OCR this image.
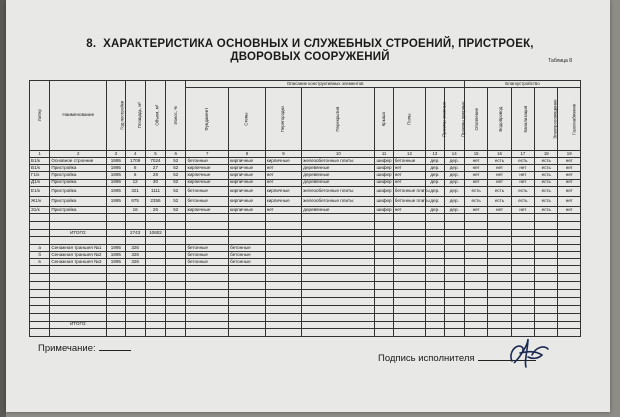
8. ХАРАКТЕРИСТИКА ОСНОВНЫХ И СЛУЖЕБНЫХ СТРОЕНИЙ, ПРИСТРОЕК,
ДВОРОВЫХ СООРУЖЕНИЙ	Таблица 8
Литер	Наименование	Год постройки	Площадь, м²	Объем, м³	Износ, %	Описание конструктивных элементов								Благоустройство				
						Фундамент	Стены	Перегородки	Перекрытия	Крыша	Полы	Проемы оконные	Проемы дверные	Отопление	Водопровод	Канализация	Электроосвещение	Газоснабжение
1	2	3	4	5	6	7	8	9	10	11	12	13	14	15	16	17	18	19
Б1/к	Основное строение	1995	1709	7024	52	бетонные	кирпичные	кирпичные	железобетонные плиты	шифер	бетонные	дер.	дер.	нет	есть	есть	есть	нет
В1/к	Пристройка	1995	6	27	52	кирпичные	кирпичные	нет	деревянные	шифер	нет	дер.	дер.	нет	нет	нет	есть	нет
Г1/к	Пристройка	1995	6	28	52	кирпичные	кирпичные	нет	деревянные	шифер	нет	дер.	дер.	нет	нет	нет	есть	нет
Д1/к	Пристройка	1995	12	30	52	кирпичные	кирпичные	нет	деревянные	шифер	нет	дер.	дер.	нет	нет	нет	есть	нет
Е1/к	Пристройка	1995	321	1111	52	бетонные	кирпичные	кирпичные	железобетонные плиты	шифер	бетонные плиты	дер.	дер.	есть	есть	есть	есть	нет
Ж1/к	Пристройка	1995	675	2356	52	бетонные	кирпичные	кирпичные	железобетонные плиты	шифер	бетонные плиты	дер.	дер.	есть	есть	есть	есть	нет
З1/к	Пристройка		16	26	52	кирпичные	кирпичные	нет	деревянные	шифер	нет	дер.	дер.	нет	нет	нет	есть	нет

	ИТОГО:		2743	10602														

а	Сенажная траншея №1	1995	326			бетонные	бетонные											
б	Сенажная траншея №2	1995	326			бетонные	бетонные											
в	Сенажная траншея №3	1995	326			бетонные	бетонные											

	ИТОГО:																	

Примечание:
Подпись исполнителя
